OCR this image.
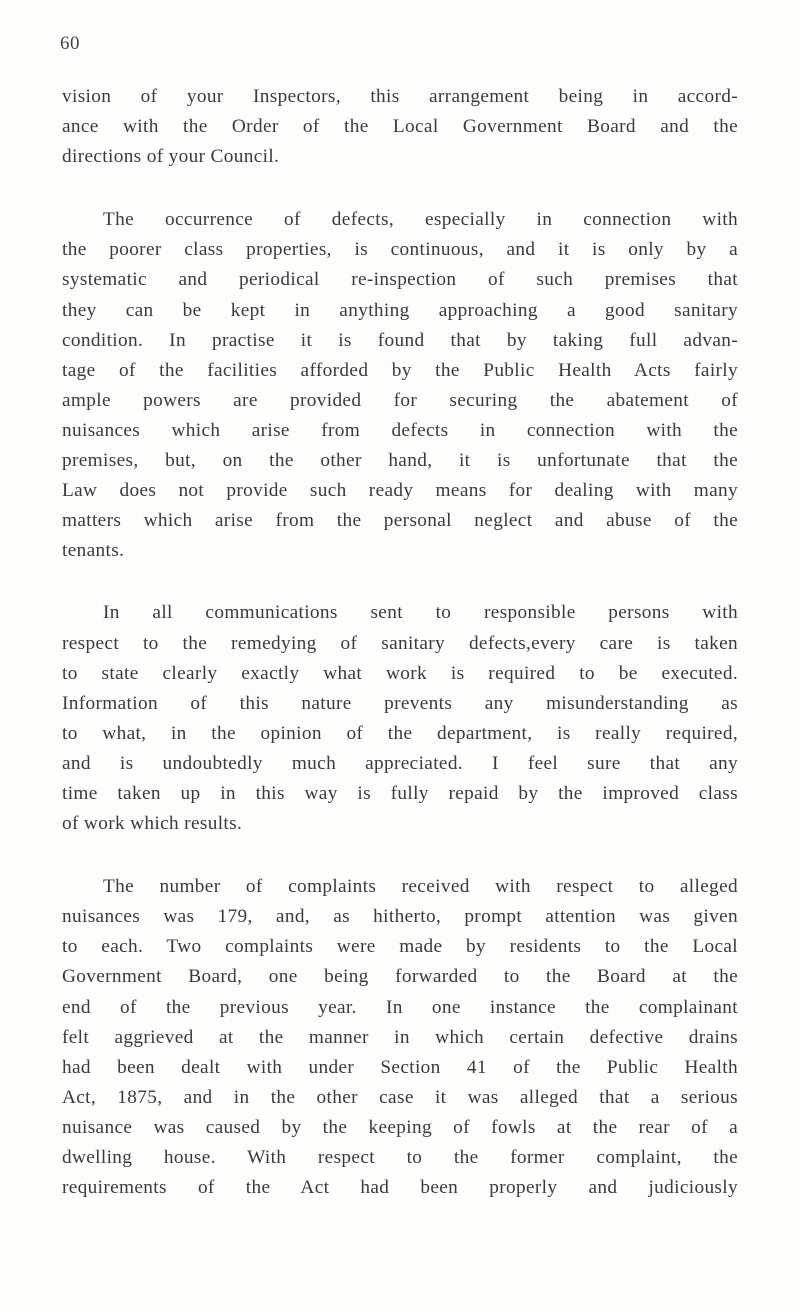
60

vision of your Inspectors, this arrangement being in accord-
ance with the Order of the Local Government Board and the
directions of your Council.

The occurrence of defects, especially in connection with
the poorer class properties, is continuous, and it is only by a
systematic and periodical re-inspection of such premises that
they can be kept in anything approaching a good sanitary
condition. In practise it is found that by taking full advan-
tage of the facilities afforded by the Public Health Acts fairly
ample powers are provided for securing the abatement of
nuisances which arise from defects in connection with the
premises, but, on the other hand, it is unfortunate that the
Law does not provide such ready means for dealing with many
matters which arise from the personal neglect and abuse of the
tenants.

In all communications sent to responsible persons with
respect to the remedying of sanitary defects,every care is taken
to state clearly exactly what work is required to be executed.
Information of this nature prevents any misunderstanding as
to what, in the opinion of the department, is really required,
and is undoubtedly much appreciated. I feel sure that any
time taken up in this way is fully repaid by the improved class
of work which results.

The number of complaints received with respect to alleged
nuisances was 179, and, as hitherto, prompt attention was given
to each. Two complaints were made by residents to the Local
Government Board, one being forwarded to the Board at the
end of the previous year. In one instance the complainant
felt aggrieved at the manner in which certain defective drains
had been dealt with under Section 41 of the Public Health
Act, 1875, and in the other case it was alleged that a serious
nuisance was caused by the keeping of fowls at the rear of a
dwelling house. With respect to the former complaint, the
requirements of the Act had been properly and judiciously
